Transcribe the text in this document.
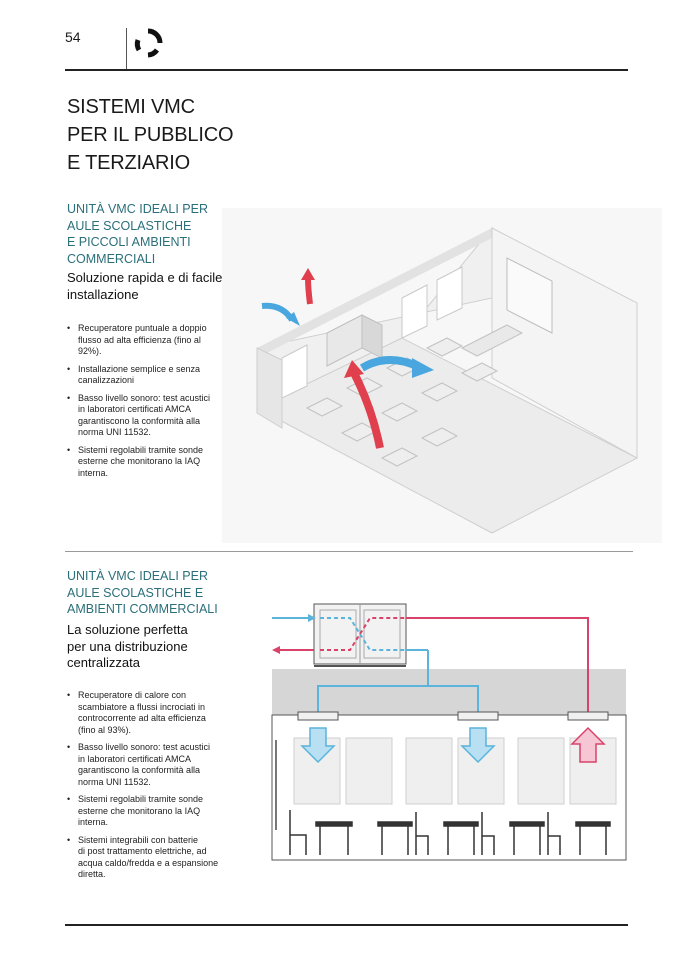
54
SISTEMI VMC
PER IL PUBBLICO
E TERZIARIO
UNITÀ VMC IDEALI PER
AULE SCOLASTICHE
E PICCOLI AMBIENTI
COMMERCIALI

Soluzione rapida e di facile
installazione

• Recuperatore puntuale a doppio
flusso ad alta efficienza (fino al
92%).
• Installazione semplice e senza
canalizzazioni
• Basso livello sonoro: test acustici
in laboratori certificati AMCA
garantiscono la conformità alla
norma UNI 11532.
• Sistemi regolabili tramite sonde
esterne che monitorano la IAQ
interna.
UNITÀ VMC IDEALI PER
AULE SCOLASTICHE E
AMBIENTI COMMERCIALI

La soluzione perfetta
per una distribuzione
centralizzata

• Recuperatore di calore con
scambiatore a flussi incrociati in
controcorrente ad alta efficienza
(fino al 93%).
• Basso livello sonoro: test acustici
in laboratori certificati AMCA
garantiscono la conformità alla
norma UNI 11532.
• Sistemi regolabili tramite sonde
esterne che monitorano la IAQ
interna.
• Sistemi integrabili con batterie
di post trattamento elettriche, ad
acqua caldo/fredda e a espansione
diretta.
